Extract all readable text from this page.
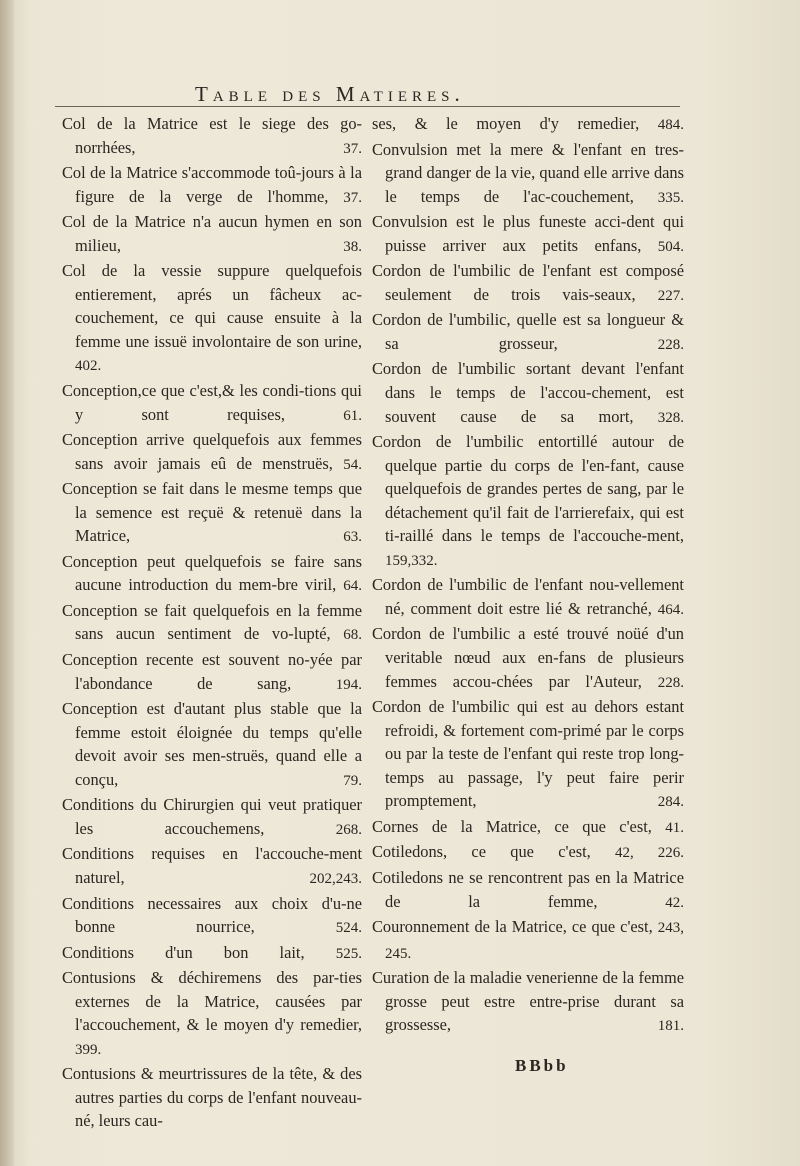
Table des Matieres.
Col de la Matrice est le siege des go-norrhées,	37.
Col de la Matrice s'accommode toû-jours à la figure de la verge de l'homme, 37.
Col de la Matrice n'a aucun hymen en son milieu,	38.
Col de la vessie suppure quelquefois entierement, aprés un fâcheux ac-couchement, ce qui cause ensuite à la femme une issuë involontaire de son urine, 402.
Conception,ce que c'est,& les condi-tions qui y sont requises,	61.
Conception arrive quelquefois aux femmes sans avoir jamais eû de menstruës, 54.
Conception se fait dans le mesme temps que la semence est reçuë & retenuë dans la Matrice,	63.
Conception peut quelquefois se faire sans aucune introduction du mem-bre viril, 64.
Conception se fait quelquefois en la femme sans aucun sentiment de vo-lupté, 68.
Conception recente est souvent no-yée par l'abondance de sang,	194.
Conception est d'autant plus stable que la femme estoit éloignée du temps qu'elle devoit avoir ses men-struës, quand elle a conçu,	79.
Conditions du Chirurgien qui veut pratiquer les accouchemens,	268.
Conditions requises en l'accouche-ment naturel,	202,243.
Conditions necessaires aux choix d'u-ne bonne nourrice,	524.
Conditions d'un bon lait, 525.
Contusions & déchiremens des par-ties externes de la Matrice, causées par l'accouchement, & le moyen d'y remedier, 399.
Contusions & meurtrissures de la tête, & des autres parties du corps de l'enfant nouveau-né, leurs cau-
ses, & le moyen d'y remedier, 484.
Convulsion met la mere & l'enfant en tres-grand danger de la vie, quand elle arrive dans le temps de l'ac-couchement, 335.
Convulsion est le plus funeste acci-dent qui puisse arriver aux petits enfans, 504.
Cordon de l'umbilic de l'enfant est composé seulement de trois vais-seaux, 227.
Cordon de l'umbilic, quelle est sa longueur & sa grosseur,	228.
Cordon de l'umbilic sortant devant l'enfant dans le temps de l'accou-chement, est souvent cause de sa mort, 328.
Cordon de l'umbilic entortillé autour de quelque partie du corps de l'en-fant, cause quelquefois de grandes pertes de sang, par le détachement qu'il fait de l'arrierefaix, qui est ti-raillé dans le temps de l'accouche-ment, 159,332.
Cordon de l'umbilic de l'enfant nou-vellement né, comment doit estre lié & retranché, 464.
Cordon de l'umbilic a esté trouvé noüé d'un veritable nœud aux en-fans de plusieurs femmes accou-chées par l'Auteur, 228.
Cordon de l'umbilic qui est au dehors estant refroidi, & fortement com-primé par le corps ou par la teste de l'enfant qui reste trop long-temps au passage, l'y peut faire perir promptement,	284.
Cornes de la Matrice, ce que c'est, 41.
Cotiledons, ce que c'est, 42, 226.
Cotiledons ne se rencontrent pas en la Matrice de la femme,	42.
Couronnement de la Matrice, ce que c'est, 243, 245.
Curation de la maladie venerienne de la femme grosse peut estre entre-prise durant sa grossesse,	181.
BBbb
